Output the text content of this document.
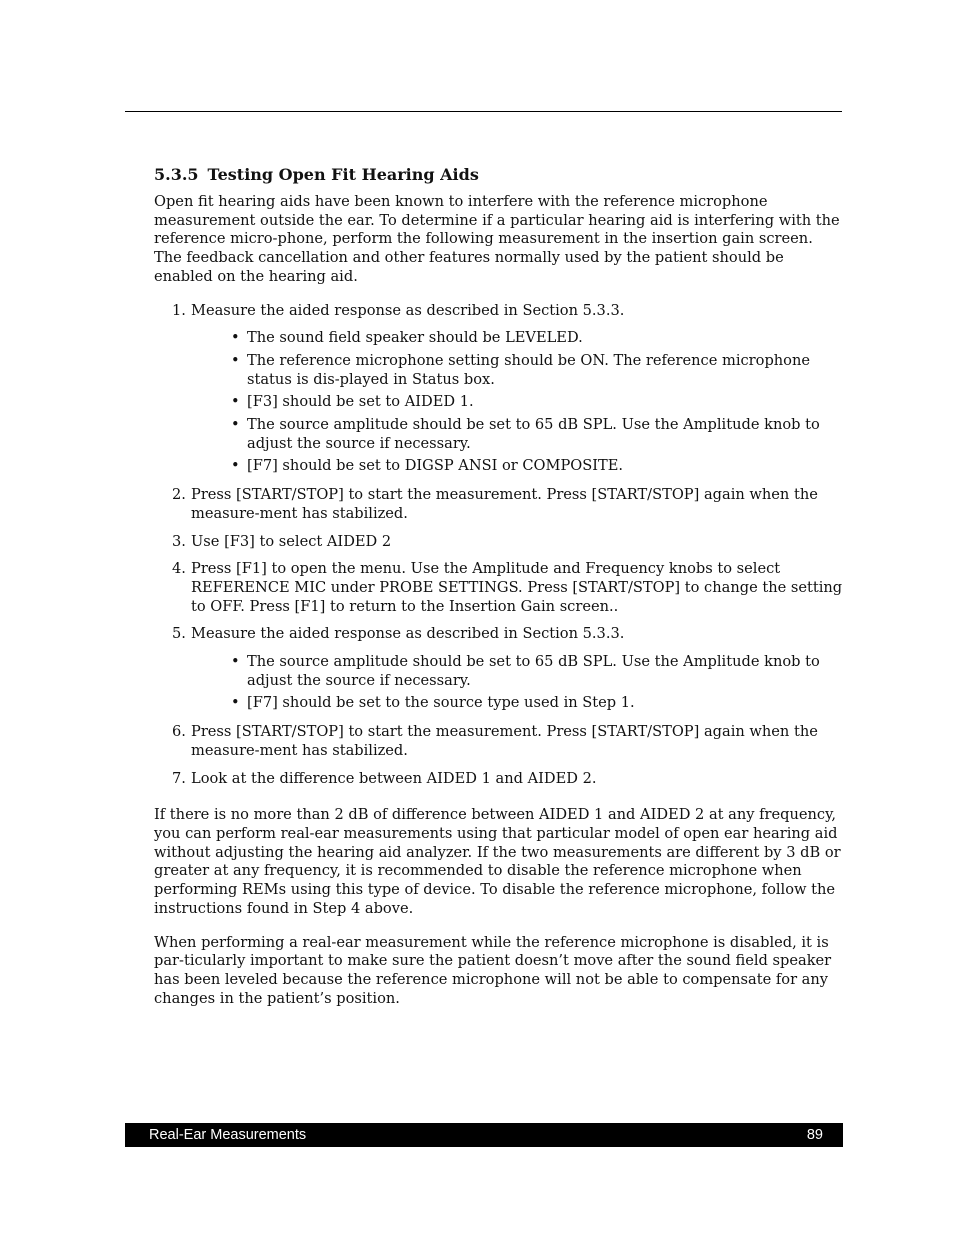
5.3.5 Testing Open Fit Hearing Aids

Open fit hearing aids have been known to interfere with the reference microphone measurement outside the ear. To determine if a particular hearing aid is interfering with the reference micro-phone, perform the following measurement in the insertion gain screen. The feedback cancellation and other features normally used by the patient should be enabled on the hearing aid.

1. Measure the aided response as described in Section 5.3.3.
• The sound field speaker should be LEVELED.
• The reference microphone setting should be ON. The reference microphone status is dis-played in Status box.
• [F3] should be set to AIDED 1.
• The source amplitude should be set to 65 dB SPL. Use the Amplitude knob to adjust the source if necessary.
• [F7] should be set to DIGSP ANSI or COMPOSITE.
2. Press [START/STOP] to start the measurement. Press [START/STOP] again when the measure-ment has stabilized.
3. Use [F3] to select AIDED 2
4. Press [F1] to open the menu. Use the Amplitude and Frequency knobs to select REFERENCE MIC under PROBE SETTINGS. Press [START/STOP] to change the setting to OFF. Press [F1] to return to the Insertion Gain screen..
5. Measure the aided response as described in Section 5.3.3.
• The source amplitude should be set to 65 dB SPL. Use the Amplitude knob to adjust the source if necessary.
• [F7] should be set to the source type used in Step 1.
6. Press [START/STOP] to start the measurement. Press [START/STOP] again when the measure-ment has stabilized.
7. Look at the difference between AIDED 1 and AIDED 2.

If there is no more than 2 dB of difference between AIDED 1 and AIDED 2 at any frequency, you can perform real-ear measurements using that particular model of open ear hearing aid without adjusting the hearing aid analyzer. If the two measurements are different by 3 dB or greater at any frequency, it is recommended to disable the reference microphone when performing REMs using this type of device. To disable the reference microphone, follow the instructions found in Step 4 above.

When performing a real-ear measurement while the reference microphone is disabled, it is par-ticularly important to make sure the patient doesn’t move after the sound field speaker has been leveled because the reference microphone will not be able to compensate for any changes in the patient’s position.

Real-Ear Measurements	89
